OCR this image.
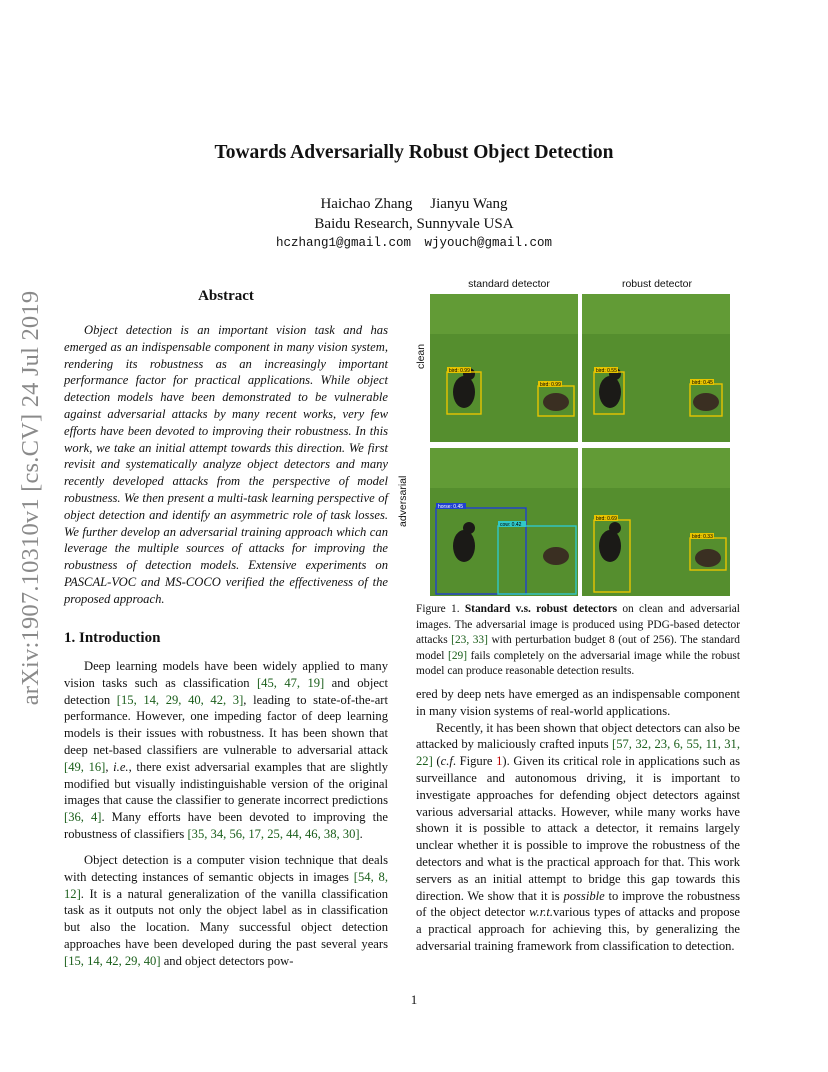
arXiv:1907.10310v1 [cs.CV] 24 Jul 2019
Towards Adversarially Robust Object Detection
Haichao Zhang Jianyu Wang
Baidu Research, Sunnyvale USA
hczhang1@gmail.com wjyouch@gmail.com
Abstract
Object detection is an important vision task and has emerged as an indispensable component in many vision system, rendering its robustness as an increasingly important performance factor for practical applications. While object detection models have been demonstrated to be vulnerable against adversarial attacks by many recent works, very few efforts have been devoted to improving their robustness. In this work, we take an initial attempt towards this direction. We first revisit and systematically analyze object detectors and many recently developed attacks from the perspective of model robustness. We then present a multi-task learning perspective of object detection and identify an asymmetric role of task losses. We further develop an adversarial training approach which can leverage the multiple sources of attacks for improving the robustness of detection models. Extensive experiments on PASCAL-VOC and MS-COCO verified the effectiveness of the proposed approach.
1. Introduction
Deep learning models have been widely applied to many vision tasks such as classification [45, 47, 19] and object detection [15, 14, 29, 40, 42, 3], leading to state-of-the-art performance. However, one impeding factor of deep learning models is their issues with robustness. It has been shown that deep net-based classifiers are vulnerable to adversarial attack [49, 16], i.e., there exist adversarial examples that are slightly modified but visually indistinguishable version of the original images that cause the classifier to generate incorrect predictions [36, 4]. Many efforts have been devoted to improving the robustness of classifiers [35, 34, 56, 17, 25, 44, 46, 38, 30].
Object detection is a computer vision technique that deals with detecting instances of semantic objects in images [54, 8, 12]. It is a natural generalization of the vanilla classification task as it outputs not only the object label as in classification but also the location. Many successful object detection approaches have been developed during the past several years [15, 14, 42, 29, 40] and object detectors pow-
standard detector	robust detector
clean
adversarial
bird: 0.99
bird: 0.99
bird: 0.55
bird: 0.45
horse: 0.45
cow: 0.42
bird: 0.69
bird: 0.33
Figure 1. Standard v.s. robust detectors on clean and adversarial images. The adversarial image is produced using PDG-based detector attacks [23, 33] with perturbation budget 8 (out of 256). The standard model [29] fails completely on the adversarial image while the robust model can produce reasonable detection results.

ered by deep nets have emerged as an indispensable component in many vision systems of real-world applications.

Recently, it has been shown that object detectors can also be attacked by maliciously crafted inputs [57, 32, 23, 6, 55, 11, 31, 22] (c.f. Figure 1). Given its critical role in applications such as surveillance and autonomous driving, it is important to investigate approaches for defending object detectors against various adversarial attacks. However, while many works have shown it is possible to attack a detector, it remains largely unclear whether it is possible to improve the robustness of the detectors and what is the practical approach for that. This work servers as an initial attempt to bridge this gap towards this direction. We show that it is possible to improve the robustness of the object detector w.r.t.various types of attacks and propose a practical approach for achieving this, by generalizing the adversarial training framework from classification to detection.

1
